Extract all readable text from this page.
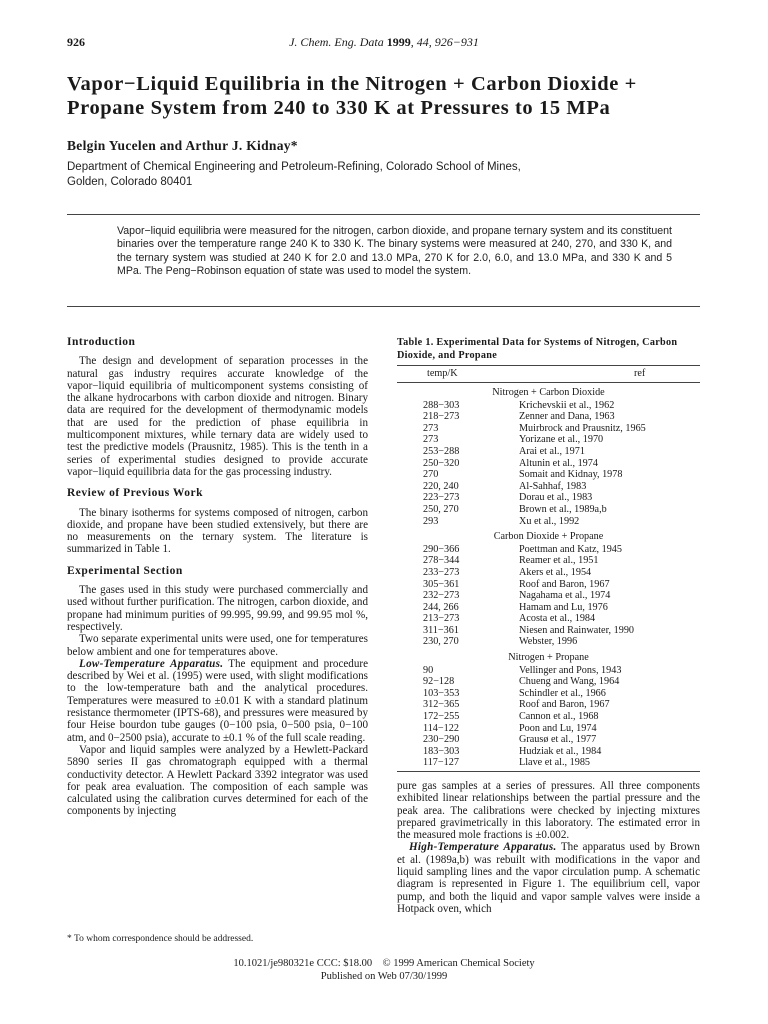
926	J. Chem. Eng. Data 1999, 44, 926−931
Vapor−Liquid Equilibria in the Nitrogen + Carbon Dioxide + Propane System from 240 to 330 K at Pressures to 15 MPa
Belgin Yucelen and Arthur J. Kidnay*
Department of Chemical Engineering and Petroleum-Refining, Colorado School of Mines,
Golden, Colorado 80401
Vapor−liquid equilibria were measured for the nitrogen, carbon dioxide, and propane ternary system and its constituent binaries over the temperature range 240 K to 330 K. The binary systems were measured at 240, 270, and 330 K, and the ternary system was studied at 240 K for 2.0 and 13.0 MPa, 270 K for 2.0, 6.0, and 13.0 MPa, and 330 K and 5 MPa. The Peng−Robinson equation of state was used to model the system.
Introduction

The design and development of separation processes in the natural gas industry requires accurate knowledge of the vapor−liquid equilibria of multicomponent systems consisting of the alkane hydrocarbons with carbon dioxide and nitrogen. Binary data are required for the development of thermodynamic models that are used for the prediction of phase equilibria in multicomponent mixtures, while ternary data are widely used to test the predictive models (Prausnitz, 1985). This is the tenth in a series of experimental studies designed to provide accurate vapor−liquid equilibria data for the gas processing industry.

Review of Previous Work

The binary isotherms for systems composed of nitrogen, carbon dioxide, and propane have been studied extensively, but there are no measurements on the ternary system. The literature is summarized in Table 1.

Experimental Section

The gases used in this study were purchased commercially and used without further purification. The nitrogen, carbon dioxide, and propane had minimum purities of 99.995, 99.99, and 99.95 mol %, respectively.

Two separate experimental units were used, one for temperatures below ambient and one for temperatures above.

Low-Temperature Apparatus. The equipment and procedure described by Wei et al. (1995) were used, with slight modifications to the low-temperature bath and the analytical procedures. Temperatures were measured to ±0.01 K with a standard platinum resistance thermometer (IPTS-68), and pressures were measured by four Heise bourdon tube gauges (0−100 psia, 0−500 psia, 0−100 atm, and 0−2500 psia), accurate to ±0.1 % of the full scale reading.

Vapor and liquid samples were analyzed by a Hewlett-Packard 5890 series II gas chromatograph equipped with a thermal conductivity detector. A Hewlett Packard 3392 integrator was used for peak area evaluation. The composition of each sample was calculated using the calibration curves determined for each of the components by injecting

Table 1. Experimental Data for Systems of Nitrogen, Carbon Dioxide, and Propane
temp/K	ref
Nitrogen + Carbon Dioxide	
288−303	Krichevskii et al., 1962
218−273	Zenner and Dana, 1963
273	Muirbrock and Prausnitz, 1965
273	Yorizane et al., 1970
253−288	Arai et al., 1971
250−320	Altunin et al., 1974
270	Somait and Kidnay, 1978
220, 240	Al-Sahhaf, 1983
223−273	Dorau et al., 1983
250, 270	Brown et al., 1989a,b
293	Xu et al., 1992
Carbon Dioxide + Propane	
290−366	Poettman and Katz, 1945
278−344	Reamer et al., 1951
233−273	Akers et al., 1954
305−361	Roof and Baron, 1967
232−273	Nagahama et al., 1974
244, 266	Hamam and Lu, 1976
213−273	Acosta et al., 1984
311−361	Niesen and Rainwater, 1990
230, 270	Webster, 1996
Nitrogen + Propane	
90	Vellinger and Pons, 1943
92−128	Chueng and Wang, 1964
103−353	Schindler et al., 1966
312−365	Roof and Baron, 1967
172−255	Cannon et al., 1968
114−122	Poon and Lu, 1974
230−290	Grausø et al., 1977
183−303	Hudziak et al., 1984
117−127	Llave et al., 1985

pure gas samples at a series of pressures. All three components exhibited linear relationships between the partial pressure and the peak area. The calibrations were checked by injecting mixtures prepared gravimetrically in this laboratory. The estimated error in the measured mole fractions is ±0.002.

High-Temperature Apparatus. The apparatus used by Brown et al. (1989a,b) was rebuilt with modifications in the vapor and liquid sampling lines and the vapor circulation pump. A schematic diagram is represented in Figure 1. The equilibrium cell, vapor pump, and both the liquid and vapor sample valves were inside a Hotpack oven, which

* To whom correspondence should be addressed.
10.1021/je980321e CCC: $18.00    © 1999 American Chemical Society
Published on Web 07/30/1999
